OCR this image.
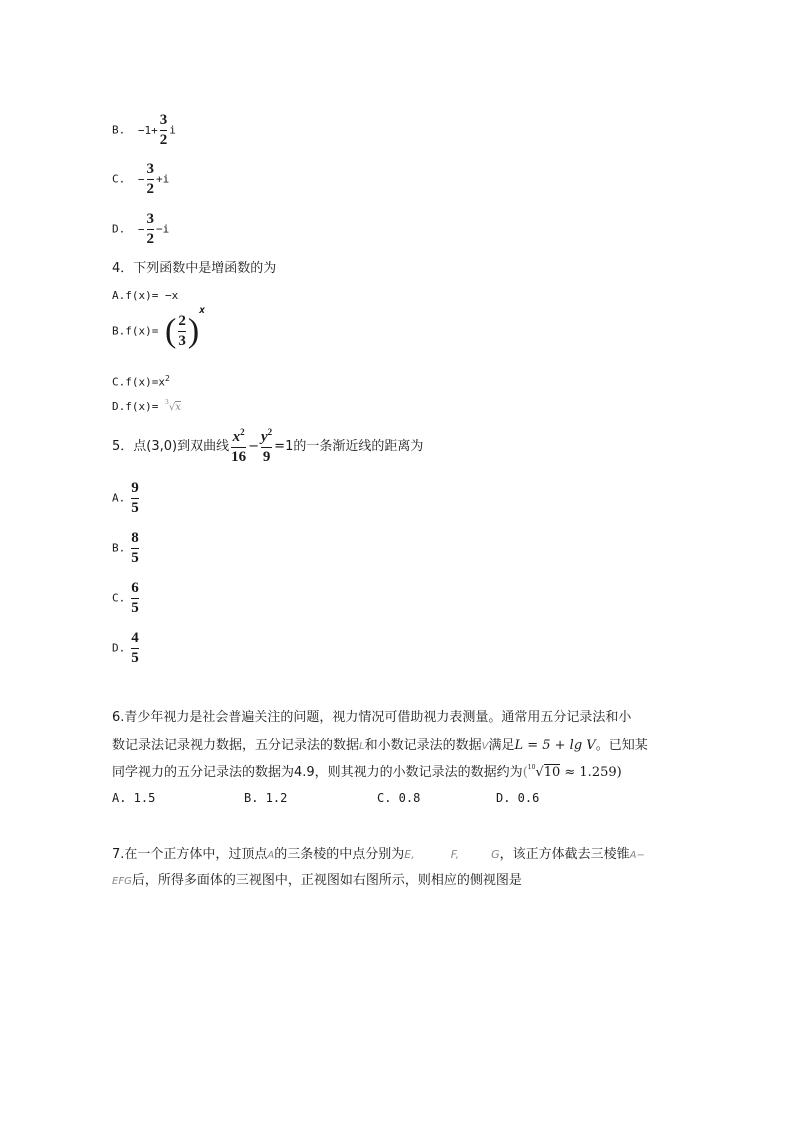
B. $-1+ \frac{3}{2}$ i
C. − $\frac{3}{2} +i$
D. − $\frac{3}{2} -i$
4．下列函数中是增函数的为
A.f(x)= −x
B.f(x)= ( $\frac{2}{3} )x$
$C.f(x)=x^2$
D.f(x)= $^3$√x
5．点(3,0)到双曲线 $\frac{x^2}{16} - \frac{y^2}{9} =1$的一条渐近线的距离为
A. $\frac{9}{5}$
B. $\frac{8}{5}$
C. $\frac{6}{5}$
D. $\frac{4}{5}$
6.青少年视力是社会普遍关注的问题，视力情况可借助视力表测量。通常用五分记录法和小
数记录法记录视力数据，五分记录法的数据L和小数记录法的数据V满足L = 5 + lg V。已知某
同学视力的五分记录法的数据为4.9，则其视力的小数记录法的数据约为($^{10}$√10 ≈ 1.259)
A. 1.5	B. 1.2	C. 0.8	D. 0.6
7.在一个正方体中，过顶点A的三条棱的中点分别为E,	F,	G，该正方体截去三棱锥A−
EFG后，所得多面体的三视图中，正视图如右图所示，则相应的侧视图是
